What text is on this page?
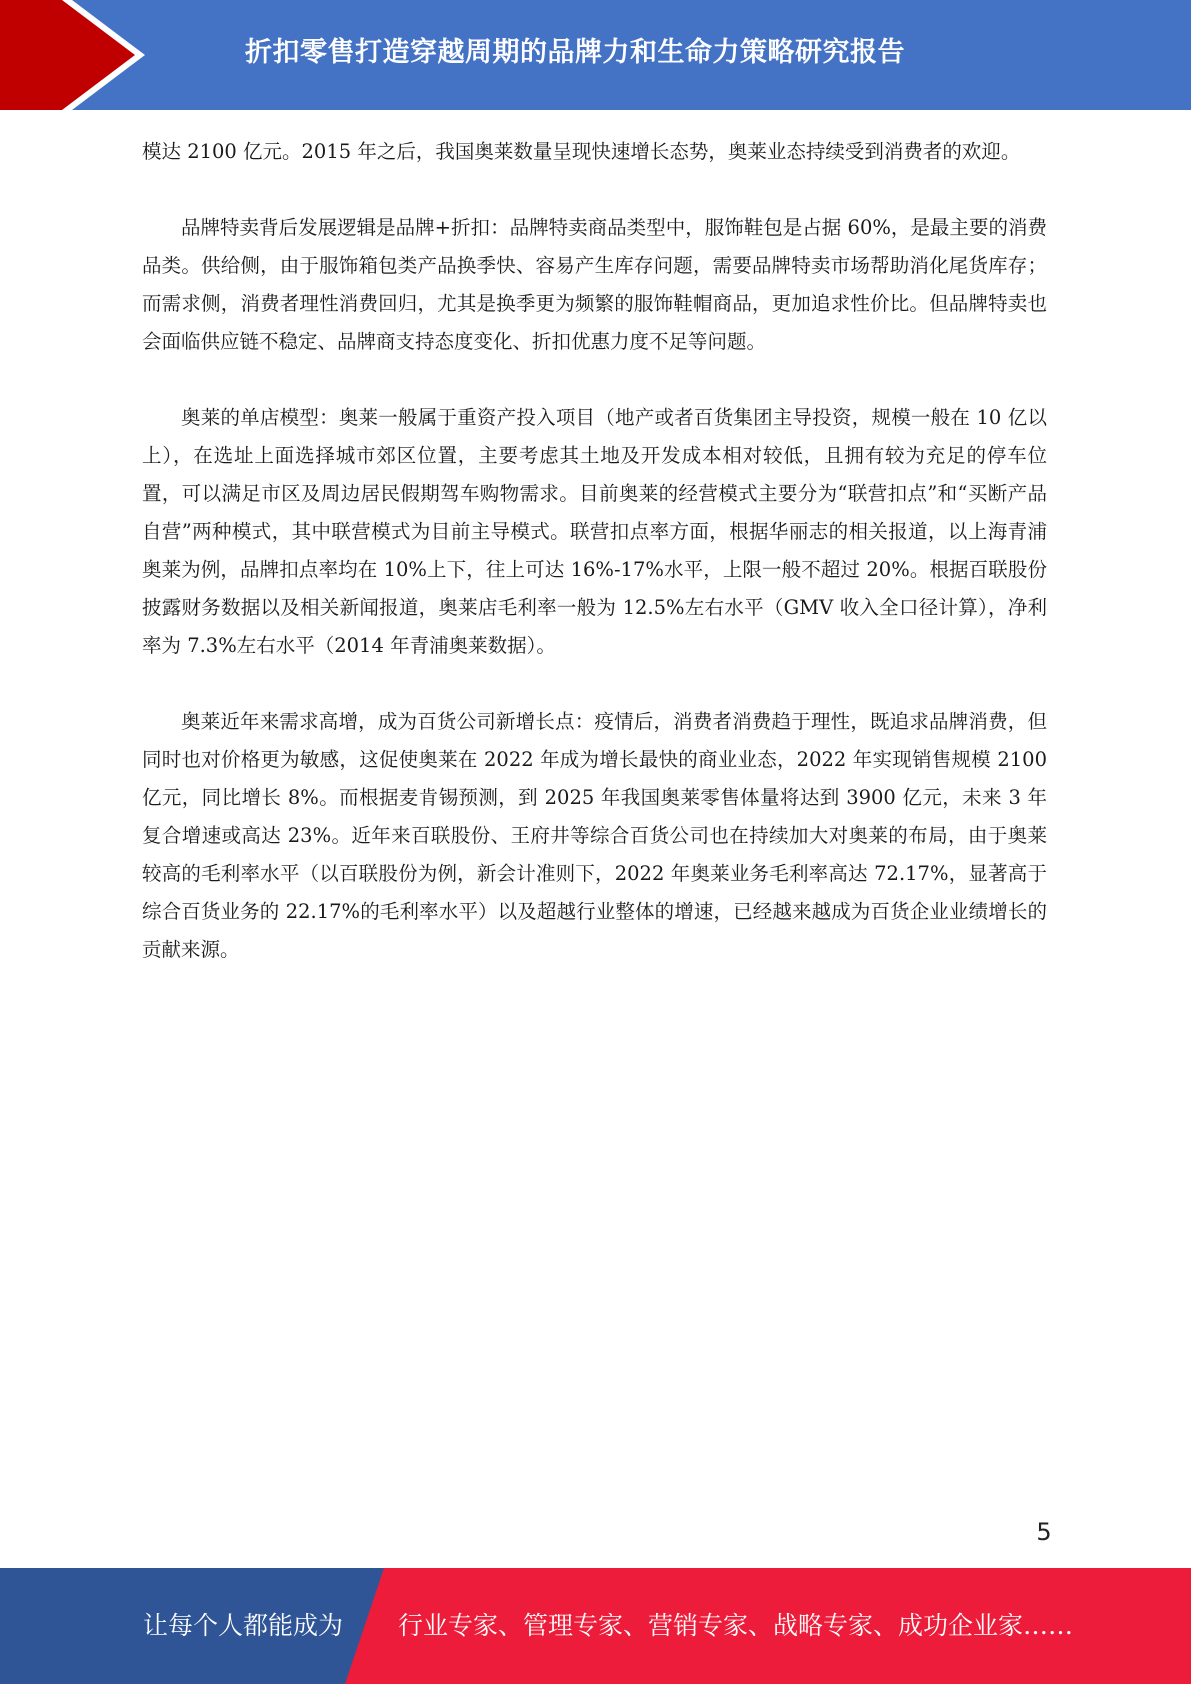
折扣零售打造穿越周期的品牌力和生命力策略研究报告

模达 2100 亿元。2015 年之后，我国奥莱数量呈现快速增长态势，奥莱业态持续受到消费者的欢迎。

品牌特卖背后发展逻辑是品牌+折扣：品牌特卖商品类型中，服饰鞋包是占据 60%，是最主要的消费品类。供给侧，由于服饰箱包类产品换季快、容易产生库存问题，需要品牌特卖市场帮助消化尾货库存；而需求侧，消费者理性消费回归，尤其是换季更为频繁的服饰鞋帽商品，更加追求性价比。但品牌特卖也会面临供应链不稳定、品牌商支持态度变化、折扣优惠力度不足等问题。

奥莱的单店模型：奥莱一般属于重资产投入项目（地产或者百货集团主导投资，规模一般在 10 亿以上），在选址上面选择城市郊区位置，主要考虑其土地及开发成本相对较低，且拥有较为充足的停车位置，可以满足市区及周边居民假期驾车购物需求。目前奥莱的经营模式主要分为“联营扣点”和“买断产品自营”两种模式，其中联营模式为目前主导模式。联营扣点率方面，根据华丽志的相关报道，以上海青浦奥莱为例，品牌扣点率均在 10%上下，往上可达 16%-17%水平，上限一般不超过 20%。根据百联股份披露财务数据以及相关新闻报道，奥莱店毛利率一般为 12.5%左右水平（GMV 收入全口径计算），净利率为 7.3%左右水平（2014 年青浦奥莱数据）。

奥莱近年来需求高增，成为百货公司新增长点：疫情后，消费者消费趋于理性，既追求品牌消费，但同时也对价格更为敏感，这促使奥莱在 2022 年成为增长最快的商业业态，2022 年实现销售规模 2100 亿元，同比增长 8%。而根据麦肯锡预测，到 2025 年我国奥莱零售体量将达到 3900 亿元，未来 3 年复合增速或高达 23%。近年来百联股份、王府井等综合百货公司也在持续加大对奥莱的布局，由于奥莱较高的毛利率水平（以百联股份为例，新会计准则下，2022 年奥莱业务毛利率高达 72.17%，显著高于综合百货业务的 22.17%的毛利率水平）以及超越行业整体的增速，已经越来越成为百货企业业绩增长的贡献来源。

5
让每个人都能成为 行业专家、管理专家、营销专家、战略专家、成功企业家……
